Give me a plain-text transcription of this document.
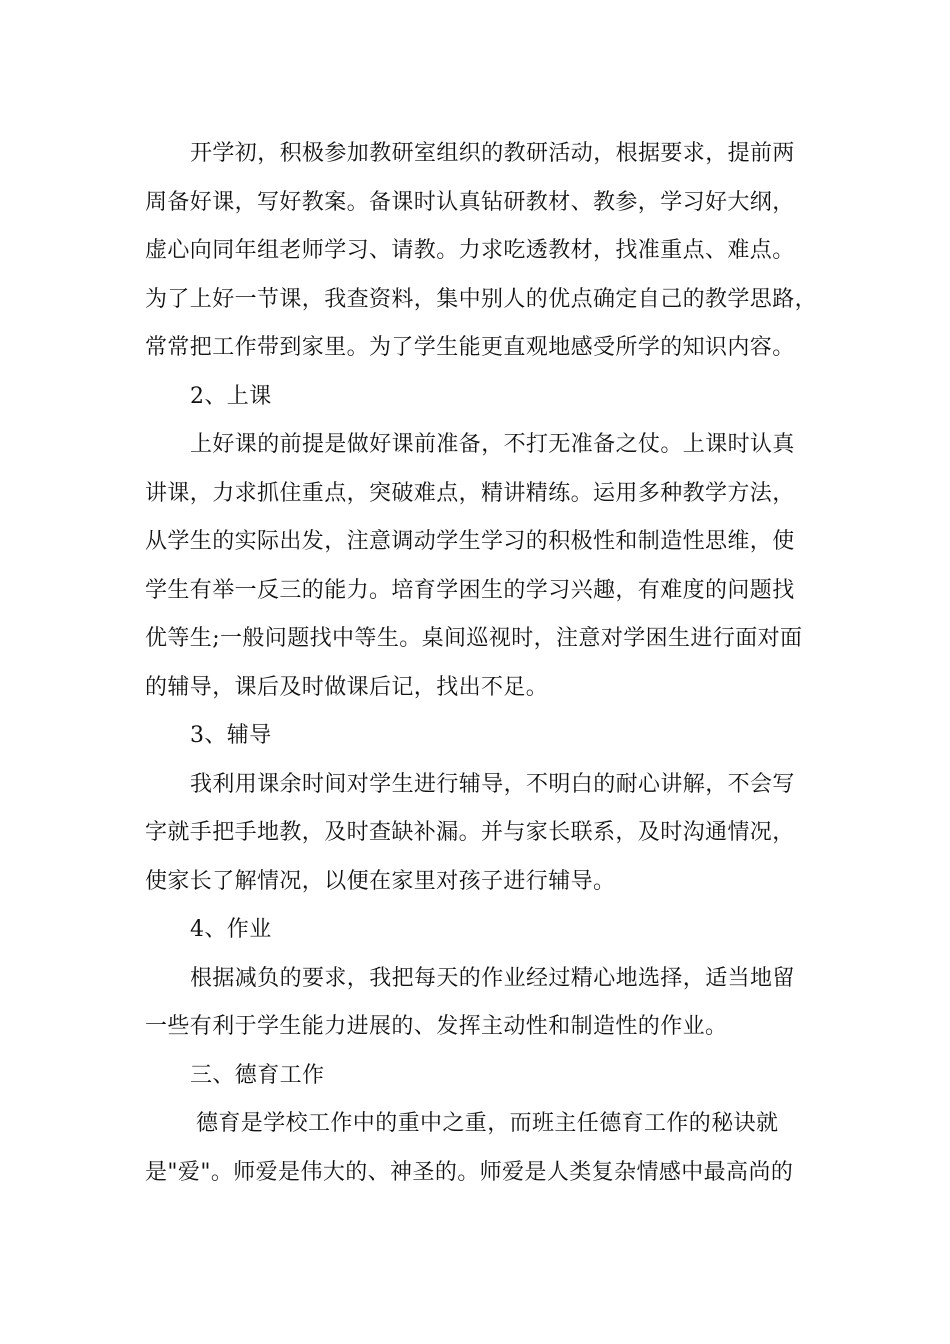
开学初，积极参加教研室组织的教研活动，根据要求，提前两
周备好课，写好教案。备课时认真钻研教材、教参，学习好大纲，
虚心向同年组老师学习、请教。力求吃透教材，找准重点、难点。
为了上好一节课，我查资料，集中别人的优点确定自己的教学思路，
常常把工作带到家里。为了学生能更直观地感受所学的知识内容。
2、上课
上好课的前提是做好课前准备，不打无准备之仗。上课时认真
讲课，力求抓住重点，突破难点，精讲精练。运用多种教学方法，
从学生的实际出发，注意调动学生学习的积极性和制造性思维，使
学生有举一反三的能力。培育学困生的学习兴趣，有难度的问题找
优等生;一般问题找中等生。桌间巡视时，注意对学困生进行面对面
的辅导，课后及时做课后记，找出不足。
3、辅导
我利用课余时间对学生进行辅导，不明白的耐心讲解，不会写
字就手把手地教，及时查缺补漏。并与家长联系，及时沟通情况，
使家长了解情况，以便在家里对孩子进行辅导。
4、作业
根据减负的要求，我把每天的作业经过精心地选择，适当地留
一些有利于学生能力进展的、发挥主动性和制造性的作业。
三、德育工作
德育是学校工作中的重中之重，而班主任德育工作的秘诀就
是"爱"。师爱是伟大的、神圣的。师爱是人类复杂情感中最高尚的
